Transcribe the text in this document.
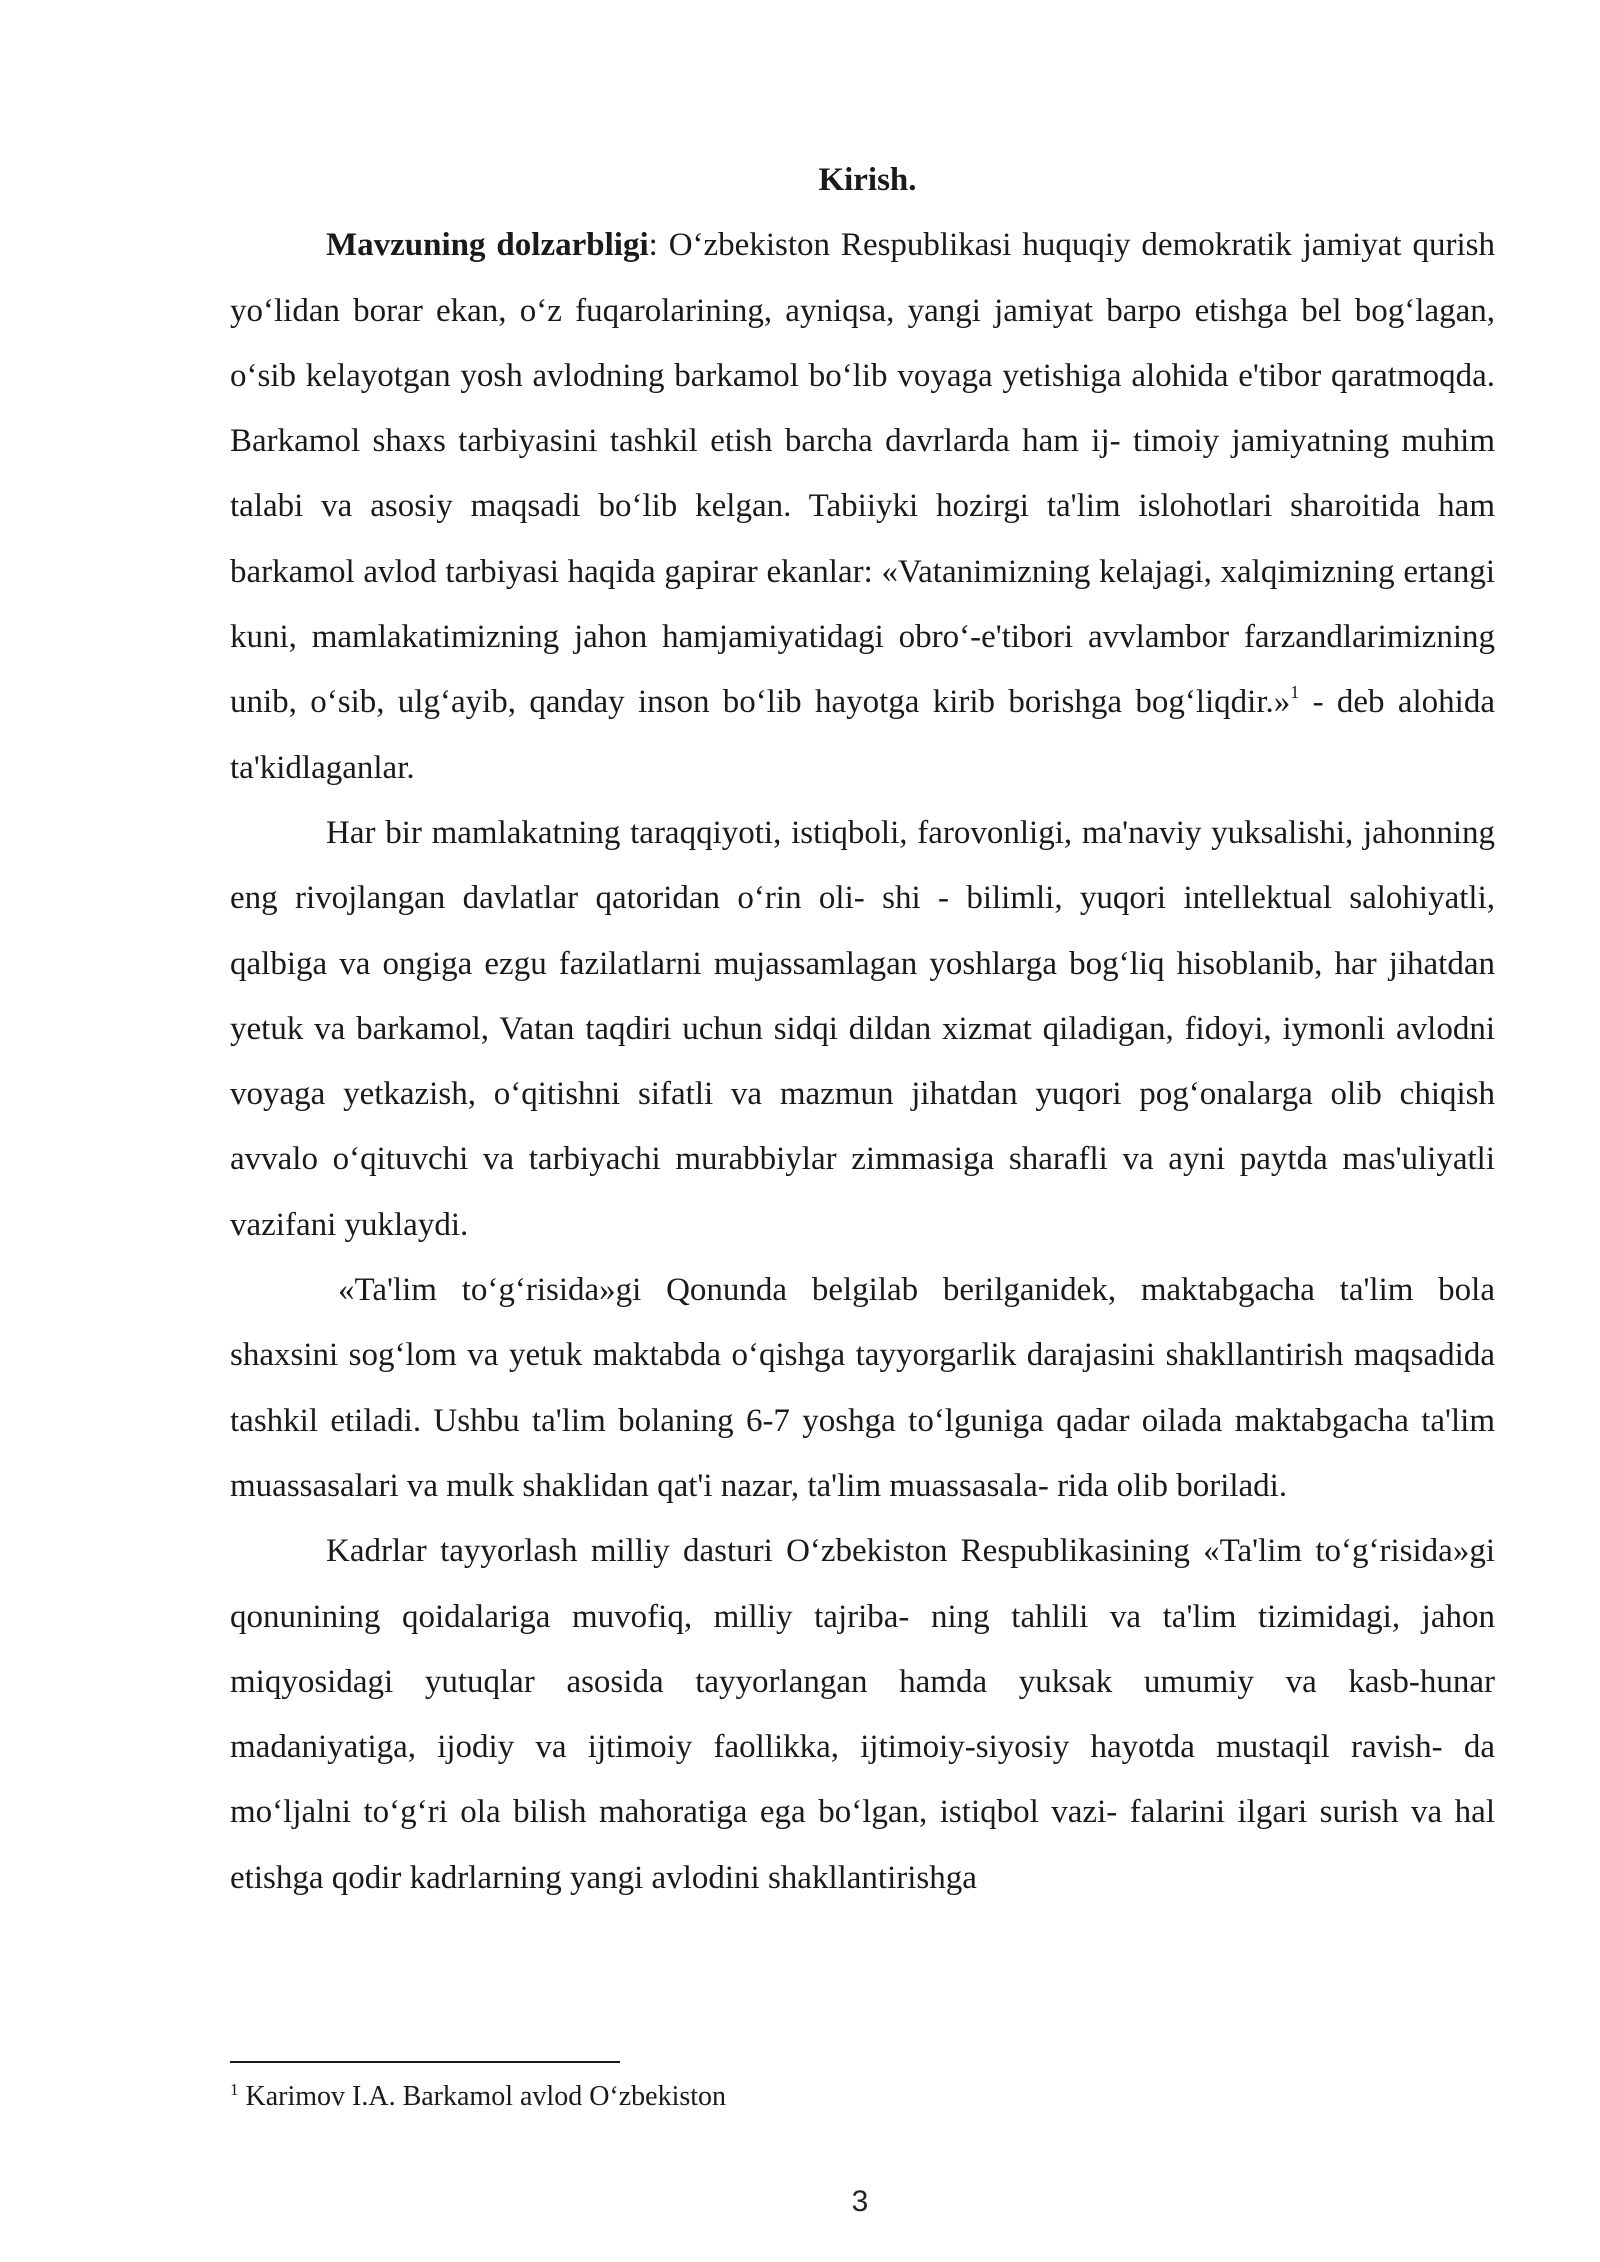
Kirish.

Mavzuning dolzarbligi: O‘zbekiston Respublikasi huquqiy demokratik jamiyat qurish yo‘lidan borar ekan, o‘z fuqarolarining, ayniqsa, yangi jamiyat barpo etishga bel bog‘lagan, o‘sib kelayotgan yosh avlodning barkamol bo‘lib voyaga yetishiga alohida e'tibor qaratmoqda. Barkamol shaxs tarbiyasini tashkil etish barcha davrlarda ham ij- timoiy jamiyatning muhim talabi va asosiy maqsadi bo‘lib kelgan. Tabiiyki hozirgi ta'lim islohotlari sharoitida ham barkamol avlod tarbiyasi haqida gapirar ekanlar: «Vatanimizning kelajagi, xalqimizning ertangi kuni, mamlakatimizning jahon hamjamiyatidagi obro‘-e'tibori avvlambor farzandlarimizning unib, o‘sib, ulg‘ayib, qanday inson bo‘lib hayotga kirib borishga bog‘liqdir.»$^1$ - deb alohida ta'kidlaganlar.

Har bir mamlakatning taraqqiyoti, istiqboli, farovonligi, ma'naviy yuksalishi, jahonning eng rivojlangan davlatlar qatoridan o‘rin oli- shi - bilimli, yuqori intellektual salohiyatli, qalbiga va ongiga ezgu fazilatlarni mujassamlagan yoshlarga bog‘liq hisoblanib, har jihatdan yetuk va barkamol, Vatan taqdiri uchun sidqi dildan xizmat qiladigan, fidoyi, iymonli avlodni voyaga yetkazish, o‘qitishni sifatli va mazmun jihatdan yuqori pog‘onalarga olib chiqish avvalo o‘qituvchi va tarbiyachi murabbiylar zimmasiga sharafli va ayni paytda mas'uliyatli vazifani yuklaydi.

«Ta'lim to‘g‘risida»gi Qonunda belgilab berilganidek, maktabgacha ta'lim bola shaxsini sog‘lom va yetuk maktabda o‘qishga tayyorgarlik darajasini shakllantirish maqsadida tashkil etiladi. Ushbu ta'lim bolaning 6-7 yoshga to‘lguniga qadar oilada maktabgacha ta'lim muassasalari va mulk shaklidan qat'i nazar, ta'lim muassasala- rida olib boriladi.

Kadrlar tayyorlash milliy dasturi O‘zbekiston Respublikasining «Ta'lim to‘g‘risida»gi qonunining qoidalariga muvofiq, milliy tajriba- ning tahlili va ta'lim tizimidagi, jahon miqyosidagi yutuqlar asosida tayyorlangan hamda yuksak umumiy va kasb-hunar madaniyatiga, ijodiy va ijtimoiy faollikka, ijtimoiy-siyosiy hayotda mustaqil ravish- da mo‘ljalni to‘g‘ri ola bilish mahoratiga ega bo‘lgan, istiqbol vazi- falarini ilgari surish va hal etishga qodir kadrlarning yangi avlodini shakllantirishga

$^1$ Karimov I.A. Barkamol avlod O‘zbekiston
3
